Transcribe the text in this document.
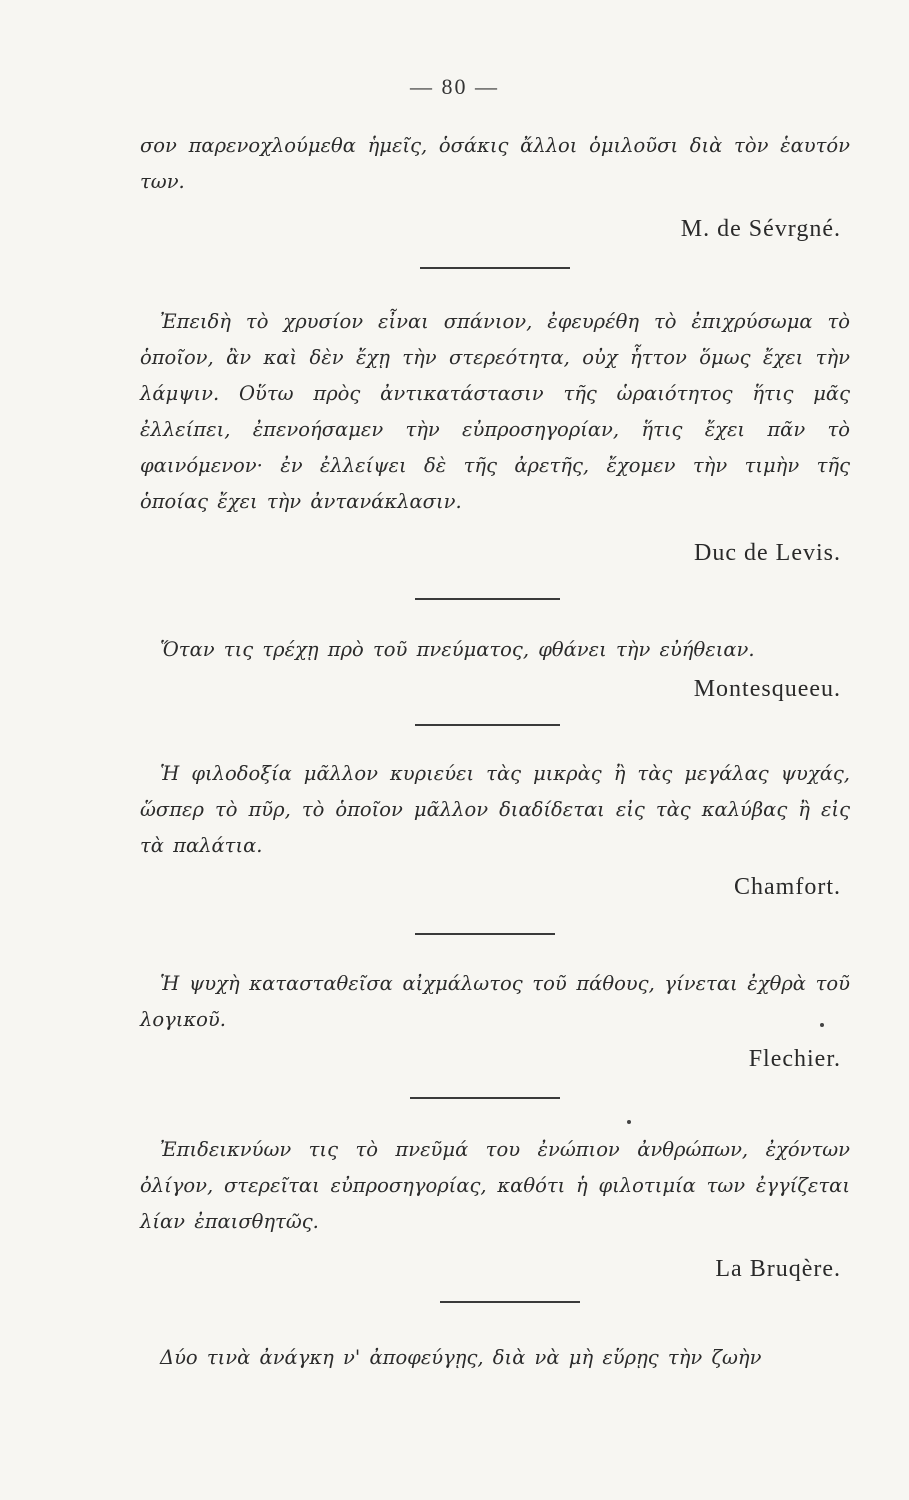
— 80 —
σον παρενοχλούμεθα ἡμεῖς, ὁσάκις ἄλλοι ὁμιλοῦσι διὰ τὸν ἑαυτόν των.
M. de Sévrgné.
Ἐπειδὴ τὸ χρυσίον εἶναι σπάνιον, ἐφευρέθη τὸ ἐπιχρύσωμα τὸ ὁποῖον, ἂν καὶ δὲν ἔχῃ τὴν στερεότητα, οὐχ ἧττον ὅμως ἔχει τὴν λάμψιν. Οὕτω πρὸς ἀντικατάστασιν τῆς ὡραιότητος ἥτις μᾶς ἐλλείπει, ἐπενοήσαμεν τὴν εὐπροσηγορίαν, ἥτις ἔχει πᾶν τὸ φαινόμενον· ἐν ἐλλείψει δὲ τῆς ἀρετῆς, ἔχομεν τὴν τιμὴν τῆς ὁποίας ἔχει τὴν ἀντανάκλασιν.
Duc de Levis.
Ὅταν τις τρέχῃ πρὸ τοῦ πνεύματος, φθάνει τὴν εὐήθειαν.
Montesqueeu.
Ἡ φιλοδοξία μᾶλλον κυριεύει τὰς μικρὰς ἢ τὰς μεγάλας ψυχάς, ὥσπερ τὸ πῦρ, τὸ ὁποῖον μᾶλλον διαδίδεται εἰς τὰς καλύβας ἢ εἰς τὰ παλάτια.
Chamfort.
Ἡ ψυχὴ κατασταθεῖσα αἰχμάλωτος τοῦ πάθους, γίνεται ἐχθρὰ τοῦ λογικοῦ.
Flechier.
Ἐπιδεικνύων τις τὸ πνεῦμά του ἐνώπιον ἀνθρώπων, ἐχόντων ὀλίγον, στερεῖται εὐπροσηγορίας, καθότι ἡ φιλοτιμία των ἐγγίζεται λίαν ἐπαισθητῶς.
La Bruqère.
Δύο τινὰ ἀνάγκη ν' ἀποφεύγῃς, διὰ νὰ μὴ εὕρῃς τὴν ζωὴν
